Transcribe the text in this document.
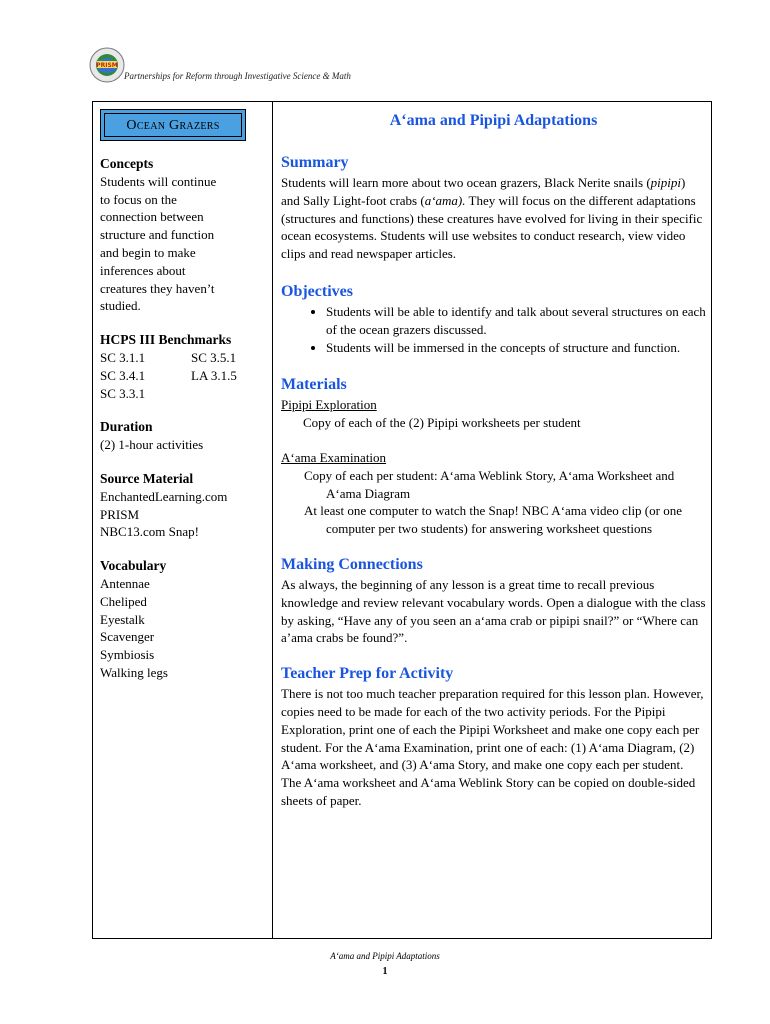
PRISM
Partnerships for Reform through Investigative Science & Math
Ocean Grazers
Concepts
Students will continue
to focus on the
connection between
structure and function
and begin to make
inferences about
creatures they haven’t
studied.
HCPS III Benchmarks
SC 3.1.1	SC 3.5.1
SC 3.4.1	LA 3.1.5
SC 3.3.1
Duration
(2) 1-hour activities
Source Material
EnchantedLearning.com
PRISM
NBC13.com Snap!
Vocabulary
Antennae
Cheliped
Eyestalk
Scavenger
Symbiosis
Walking legs
A‘ama and Pipipi Adaptations
Summary

Students will learn more about two ocean grazers, Black Nerite snails (pipipi) and Sally Light-foot crabs (a‘ama). They will focus on the different adaptations (structures and functions) these creatures have evolved for living in their specific ocean ecosystems. Students will use websites to conduct research, view video clips and read newspaper articles.

Objectives
• Students will be able to identify and talk about several structures on each of the ocean grazers discussed.
• Students will be immersed in the concepts of structure and function.
Materials
Pipipi Exploration
Copy of each of the (2) Pipipi worksheets per student
A‘ama Examination
Copy of each per student: A‘ama Weblink Story, A‘ama Worksheet and A‘ama Diagram
At least one computer to watch the Snap! NBC A‘ama video clip (or one computer per two students) for answering worksheet questions
Making Connections

As always, the beginning of any lesson is a great time to recall previous knowledge and review relevant vocabulary words. Open a dialogue with the class by asking, “Have any of you seen an a‘ama crab or pipipi snail?” or “Where can a’ama crabs be found?”.

Teacher Prep for Activity

There is not too much teacher preparation required for this lesson plan. However, copies need to be made for each of the two activity periods. For the Pipipi Exploration, print one of each the Pipipi Worksheet and make one copy each per student. For the A‘ama Examination, print one of each: (1) A‘ama Diagram, (2) A‘ama worksheet, and (3) A‘ama Story, and make one copy each per student. The A‘ama worksheet and A‘ama Weblink Story can be copied on double-sided sheets of paper.

A‘ama and Pipipi Adaptations
1
